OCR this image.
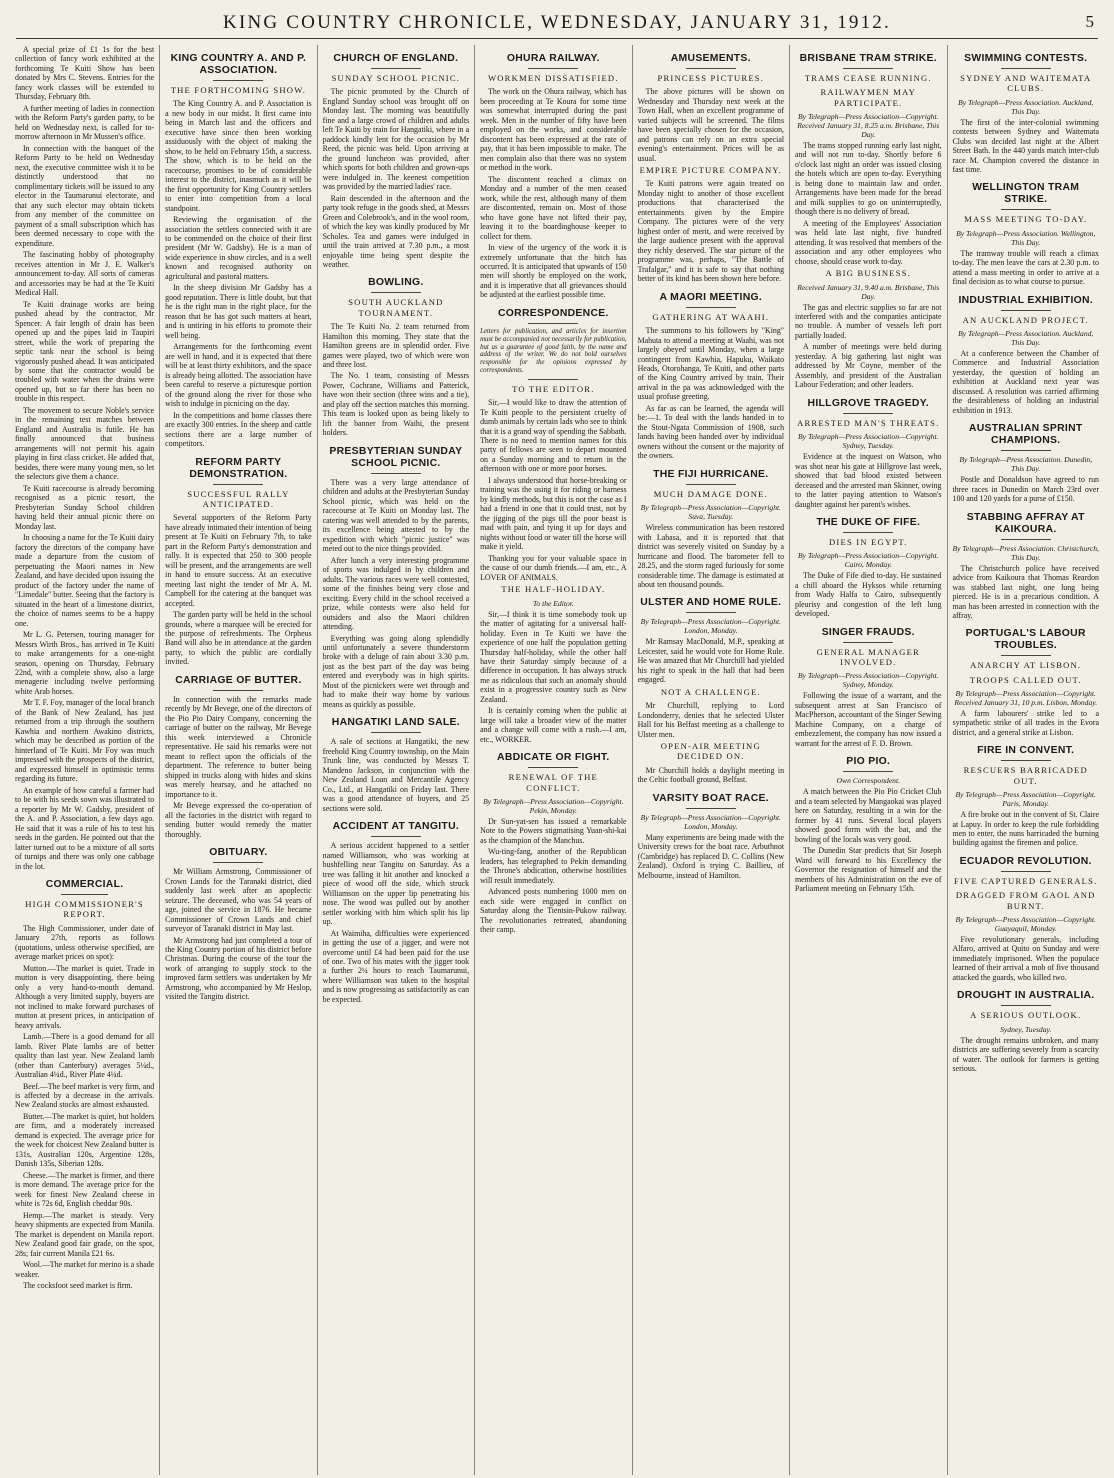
KING COUNTRY CHRONICLE, WEDNESDAY, JANUARY 31, 1912.	5

A special prize of £1 1s for the best collection of fancy work exhibited at the forthcoming Te Kuiti Show has been donated by Mrs C. Stevens. Entries for the fancy work classes will be extended to Thursday, February 8th.

A further meeting of ladies in connection with the Reform Party's garden party, to be held on Wednesday next, is called for to-morrow afternoon in Mr Mussen's office.

In connection with the banquet of the Reform Party to be held on Wednesday next, the executive committee wish it to be distinctly understood that no complimentary tickets will be issued to any elector in the Taumarunui electorate, and that any such elector may obtain tickets from any member of the committee on payment of a small subscription which has been deemed necessary to cope with the expenditure.

The fascinating hobby of photography receives attention in Mr J. E. Walker's announcement to-day. All sorts of cameras and accessories may be had at the Te Kuiti Medical Hall.

Te Kuiti drainage works are being pushed ahead by the contractor, Mr Spencer. A fair length of drain has been opened up and the pipes laid in Taupiri street, while the work of preparing the septic tank near the school is being vigorously pushed ahead. It was anticipated by some that the contractor would be troubled with water when the drains were opened up, but so far there has been no trouble in this respect.

The movement to secure Noble's service in the remaining test matches between England and Australia is futile. He has finally announced that business arrangements will not permit his again playing in first class cricket. He added that, besides, there were many young men, so let the selectors give them a chance.

Te Kuiti racecourse is already becoming recognised as a picnic resort, the Presbyterian Sunday School children having held their annual picnic there on Monday last.

In choosing a name for the Te Kuiti dairy factory the directors of the company have made a departure from the custom of perpetuating the Maori names in New Zealand, and have decided upon issuing the product of the factory under the name of "Limedale" butter. Seeing that the factory is situated in the heart of a limestone district, the choice of names seems to be a happy one.

Mr L. G. Petersen, touring manager for Messrs Wirth Bros., has arrived in Te Kuiti to make arrangements for a one-night season, opening on Thursday, February 22nd, with a complete show, also a large menagerie including twelve performing white Arab horses.

Mr T. F. Foy, manager of the local branch of the Bank of New Zealand, has just returned from a trip through the southern Kawhia and northern Awakino districts, which may be described as portion of the hinterland of Te Kuiti. Mr Foy was much impressed with the prospects of the district, and expressed himself in optimistic terms regarding its future.

An example of how careful a farmer had to be with his seeds sown was illustrated to a reporter by Mr W. Gadsby, president of the A. and P. Association, a few days ago. He said that it was a rule of his to test his seeds in the garden. He pointed out that the latter turned out to be a mixture of all sorts of turnips and there was only one cabbage in the lot.

COMMERCIAL.
HIGH COMMISSIONER'S REPORT.

The High Commissioner, under date of January 27th, reports as follows (quotations, unless otherwise specified, are average market prices on spot):

Mutton.—The market is quiet. Trade in mutton is very disappointing, there being only a very hand-to-mouth demand. Although a very limited supply, buyers are not inclined to make forward purchases of mutton at present prices, in anticipation of heavy arrivals.

Lamb.—There is a good demand for all lamb. River Plate lambs are of better quality than last year. New Zealand lamb (other than Canterbury) averages 5¼d., Australian 4¼d., River Plate 4¼d.

Beef.—The beef market is very firm, and is affected by a decrease in the arrivals. New Zealand stocks are almost exhausted.

Butter.—The market is quiet, but holders are firm, and a moderately increased demand is expected. The average price for the week for choicest New Zealand butter is 131s, Australian 120s, Argentine 128s, Danish 135s, Siberian 128s.

Cheese.—The market is firmer, and there is more demand. The average price for the week for finest New Zealand cheese in white is 72s 6d, English cheddar 90s.

Hemp.—The market is steady. Very heavy shipments are expected from Manila. The market is dependent on Manila report. New Zealand good fair grade, on the spot, 28s; fair current Manila £21 6s.

Wool.—The market for merino is a shade weaker.

The cocksfoot seed market is firm.

KING COUNTRY A. AND P. ASSOCIATION.
THE FORTHCOMING SHOW.

The King Country A. and P. Association is a new body in our midst. It first came into being in March last and the officers and executive have since then been working assiduously with the object of making the show, to be held on February 15th, a success. The show, which is to be held on the racecourse, promises to be of considerable interest to the district, inasmuch as it will be the first opportunity for King Country settlers to enter into competition from a local standpoint.

Reviewing the organisation of the association the settlers connected with it are to be commended on the choice of their first president (Mr W. Gadsby). He is a man of wide experience in show circles, and is a well known and recognised authority on agricultural and pastoral matters.

In the sheep division Mr Gadsby has a good reputation. There is little doubt, but that he is the right man in the right place, for the reason that he has got such matters at heart, and is untiring in his efforts to promote their well being.

Arrangements for the forthcoming event are well in hand, and it is expected that there will be at least thirty exhibitors, and the space is already being allotted. The association have been careful to reserve a picturesque portion of the ground along the river for those who wish to indulge in picnicing on the day.

In the competitions and home classes there are exactly 300 entries. In the sheep and cattle sections there are a large number of competitors.

REFORM PARTY DEMONSTRATION.
SUCCESSFUL RALLY ANTICIPATED.

Several supporters of the Reform Party have already intimated their intention of being present at Te Kuiti on February 7th, to take part in the Reform Party's demonstration and rally. It is expected that 250 to 300 people will be present, and the arrangements are well in hand to ensure success. At an executive meeting last night the tender of Mr A. M. Campbell for the catering at the banquet was accepted.

The garden party will be held in the school grounds, where a marquee will be erected for the purpose of refreshments. The Orpheus Band will also be in attendance at the garden party, to which the public are cordially invited.

CARRIAGE OF BUTTER.

In connection with the remarks made recently by Mr Bevege, one of the directors of the Pio Pio Dairy Company, concerning the carriage of butter on the railway, Mr Bevege this week interviewed a Chronicle representative. He said his remarks were not meant to reflect upon the officials of the department. The reference to butter being shipped in trucks along with hides and skins was merely hearsay, and he attached no importance to it.

Mr Bevege expressed the co-operation of all the factories in the district with regard to sending butter would remedy the matter thoroughly.

OBITUARY.

Mr William Armstrong, Commissioner of Crown Lands for the Taranaki district, died suddenly last week after an apoplectic seizure. The deceased, who was 54 years of age, joined the service in 1876. He became Commissioner of Crown Lands and chief surveyor of Taranaki district in May last.

Mr Armstrong had just completed a tour of the King Country portion of his district before Christmas. During the course of the tour the work of arranging to supply stock to the improved farm settlers was undertaken by Mr Armstrong, who accompanied by Mr Heslop, visited the Tangitu district.

CHURCH OF ENGLAND.
SUNDAY SCHOOL PICNIC.

The picnic promoted by the Church of England Sunday school was brought off on Monday last. The morning was beautifully fine and a large crowd of children and adults left Te Kuiti by train for Hangatiki, where in a paddock kindly lent for the occasion by Mr Reed, the picnic was held. Upon arriving at the ground luncheon was provided, after which sports for both children and grown-ups were indulged in. The keenest competition was provided by the married ladies' race.

Rain descended in the afternoon and the party took refuge in the goods shed, at Messrs Green and Colebrook's, and in the wool room, of which the key was kindly produced by Mr Scholes. Tea and games were indulged in until the train arrived at 7.30 p.m., a most enjoyable time being spent despite the weather.

BOWLING.
SOUTH AUCKLAND TOURNAMENT.

The Te Kuiti No. 2 team returned from Hamilton this morning. They state that the Hamilton greens are in splendid order. Five games were played, two of which were won and three lost.

The No. 1 team, consisting of Messrs Power, Cochrane, Williams and Patterick, have won their section (three wins and a tie), and play off the section matches this morning. This team is looked upon as being likely to lift the banner from Waihi, the present holders.

PRESBYTERIAN SUNDAY SCHOOL PICNIC.

There was a very large attendance of children and adults at the Presbyterian Sunday School picnic, which was held on the racecourse at Te Kuiti on Monday last. The catering was well attended to by the parents, its excellence being attested to by the expedition with which "picnic justice" was meted out to the nice things provided.

After lunch a very interesting programme of sports was indulged in by children and adults. The various races were well contested, some of the finishes being very close and exciting. Every child in the school received a prize, while contests were also held for outsiders and also the Maori children attending.

Everything was going along splendidly until unfortunately a severe thunderstorm broke with a deluge of rain about 3.30 p.m. just as the best part of the day was being entered and everybody was in high spirits. Most of the picnickers were wet through and had to make their way home by various means as quickly as possible.

HANGATIKI LAND SALE.

A sale of sections at Hangatiki, the new freehold King Country township, on the Main Trunk line, was conducted by Messrs T. Mandeno Jackson, in conjunction with the New Zealand Loan and Mercantile Agency Co., Ltd., at Hangatiki on Friday last. There was a good attendance of buyers, and 25 sections were sold.

ACCIDENT AT TANGITU.

A serious accident happened to a settler named Williamson, who was working at bushfelling near Tangitu on Saturday. As a tree was falling it hit another and knocked a piece of wood off the side, which struck Williamson on the upper lip penetrating his nose. The wood was pulled out by another settler working with him which split his lip up.

At Waimiha, difficulties were experienced in getting the use of a jigger, and were not overcome until £4 had been paid for the use of one. Two of his mates with the jigger took a further 2¼ hours to reach Taumarunui, where Williamson was taken to the hospital and is now progressing as satisfactorily as can be expected.

OHURA RAILWAY.
WORKMEN DISSATISFIED.

The work on the Ohura railway, which has been proceeding at Te Koura for some time was somewhat interrupted during the past week. Men in the number of fifty have been employed on the works, and considerable discontent has been expressed at the rate of pay, that it has been impossible to make. The men complain also that there was no system or method in the work.

The discontent reached a climax on Monday and a number of the men ceased work, while the rest, although many of them are discontented, remain on. Most of those who have gone have not lifted their pay, leaving it to the boardinghouse keeper to collect for them.

In view of the urgency of the work it is extremely unfortunate that the hitch has occurred. It is anticipated that upwards of 150 men will shortly be employed on the work, and it is imperative that all grievances should be adjusted at the earliest possible time.

CORRESPONDENCE.

Letters for publication, and articles for insertion must be accompanied not necessarily for publication, but as a guarantee of good faith, by the name and address of the writer. We do not hold ourselves responsible for the opinions expressed by correspondents.

TO THE EDITOR.

Sir,—I would like to draw the attention of Te Kuiti people to the persistent cruelty of dumb animals by certain lads who see to think that it is a grand way of spending the Sabbath. There is no need to mention names for this party of fellows are seen to depart mounted on a Sunday morning and to return in the afternoon with one or more poor horses.

I always understood that horse-breaking or training was the using it for riding or harness by kindly methods, but this is not the case as I had a friend in one that it could trust, not by the jigging of the pigs till the poor beast is mad with pain, and tying it up for days and nights without food or water till the horse will make it yield.

Thanking you for your valuable space in the cause of our dumb friends.—I am, etc., A LOVER OF ANIMALS.

THE HALF-HOLIDAY.
To the Editor.

Sir,—I think it is time somebody took up the matter of agitating for a universal half-holiday. Even in Te Kuiti we have the experience of one half the population getting Thursday half-holiday, while the other half have their Saturday simply because of a difference in occupation. It has always struck me as ridiculous that such an anomaly should exist in a progressive country such as New Zealand.

It is certainly coming when the public at large will take a broader view of the matter and a change will come with a rush.—I am, etc., WORKER.

ABDICATE OR FIGHT.
RENEWAL OF THE CONFLICT.
By Telegraph—Press Association—Copyright. Pekin, Monday.

Dr Sun-yat-sen has issued a remarkable Note to the Powers stigmatising Yuan-shi-kai as the champion of the Manchus.

Wu-ting-fang, another of the Republican leaders, has telegraphed to Pekin demanding the Throne's abdication, otherwise hostilities will result immediately.

Advanced posts numbering 1000 men on each side were engaged in conflict on Saturday along the Tientsin-Pukow railway. The revolutionaries retreated, abandoning their camp.

AMUSEMENTS.
PRINCESS PICTURES.

The above pictures will be shown on Wednesday and Thursday next week at the Town Hall, when an excellent programme of varied subjects will be screened. The films have been specially chosen for the occasion, and patrons can rely on an extra special evening's entertainment. Prices will be as usual.

EMPIRE PICTURE COMPANY.

Te Kuiti patrons were again treated on Monday night to another of those excellent productions that characterised the entertainments given by the Empire Company. The pictures were of the very highest order of merit, and were received by the large audience present with the approval they richly deserved. The star picture of the programme was, perhaps, "The Battle of Trafalgar," and it is safe to say that nothing better of its kind has been shown here before.

A MAORI MEETING.
GATHERING AT WAAHI.

The summons to his followers by "King" Mahuta to attend a meeting at Waahi, was not largely obeyed until Monday, when a large contingent from Kawhia, Hapuku, Waikato Heads, Otorohanga, Te Kuiti, and other parts of the King Country arrived by train. Their arrival in the pa was acknowledged with the usual profuse greeting.

As far as can be learned, the agenda will be:—1. To deal with the lands handed in to the Stout-Ngata Commission of 1908, such lands having been handed over by individual owners without the consent or the majority of the owners.

THE FIJI HURRICANE.
MUCH DAMAGE DONE.
By Telegraph—Press Association—Copyright. Suva, Tuesday.

Wireless communication has been restored with Labasa, and it is reported that that district was severely visited on Sunday by a hurricane and flood. The barometer fell to 28.25, and the storm raged furiously for some considerable time. The damage is estimated at about ten thousand pounds.

ULSTER AND HOME RULE.
By Telegraph—Press Association—Copyright. London, Monday.

Mr Ramsay MacDonald, M.P., speaking at Leicester, said he would vote for Home Rule. He was amazed that Mr Churchill had yielded his right to speak in the hall that had been engaged.

NOT A CHALLENGE.

Mr Churchill, replying to Lord Londonderry, denies that he selected Ulster Hall for his Belfast meeting as a challenge to Ulster men.

OPEN-AIR MEETING DECIDED ON.

Mr Churchill holds a daylight meeting in the Celtic football ground, Belfast.

VARSITY BOAT RACE.
By Telegraph—Press Association—Copyright. London, Monday.

Many experiments are being made with the University crews for the boat race. Arbuthnot (Cambridge) has replaced D. C. Collins (New Zealand). Oxford is trying C. Baillieu, of Melbourne, instead of Hamilton.

BRISBANE TRAM STRIKE.
TRAMS CEASE RUNNING.
RAILWAYMEN MAY PARTICIPATE.
By Telegraph—Press Association—Copyright. Received January 31, 8.25 a.m. Brisbane, This Day.

The trams stopped running early last night, and will not run to-day. Shortly before 6 o'clock last night an order was issued closing the hotels which are open to-day. Everything is being done to maintain law and order. Arrangements have been made for the bread and milk supplies to go on uninterruptedly, though there is no delivery of bread.

A meeting of the Employees' Association was held late last night, five hundred attending. It was resolved that members of the association and any other employees who choose, should cease work to-day.

A BIG BUSINESS.
Received January 31, 9.40 a.m. Brisbane, This Day.

The gas and electric supplies so far are not interfered with and the companies anticipate no trouble. A number of vessels left port partially loaded.

A number of meetings were held during yesterday. A big gathering last night was addressed by Mr Coyne, member of the Assembly, and president of the Australian Labour Federation; and other leaders.

HILLGROVE TRAGEDY.
ARRESTED MAN'S THREATS.
By Telegraph—Press Association—Copyright. Sydney, Tuesday.

Evidence at the inquest on Watson, who was shot near his gate at Hillgrove last week, showed that bad blood existed between deceased and the arrested man Skinner, owing to the latter paying attention to Watson's daughter against her parent's wishes.

THE DUKE OF FIFE.
DIES IN EGYPT.
By Telegraph—Press Association—Copyright. Cairo, Monday.

The Duke of Fife died to-day. He sustained a chill aboard the Hyksos while returning from Wady Halfa to Cairo, subsequently pleurisy and congestion of the left lung developed.

SINGER FRAUDS.
GENERAL MANAGER INVOLVED.
By Telegraph—Press Association—Copyright. Sydney, Monday.

Following the issue of a warrant, and the subsequent arrest at San Francisco of MacPherson, accountant of the Singer Sewing Machine Company, on a charge of embezzlement, the company has now issued a warrant for the arrest of F. D. Brown.

PIO PIO.
Own Correspondent.

A match between the Pio Pio Cricket Club and a team selected by Mangaokai was played here on Saturday, resulting in a win for the former by 41 runs. Several local players showed good form with the bat, and the bowling of the locals was very good.

The Dunedin Star predicts that Sir Joseph Ward will forward to his Excellency the Governor the resignation of himself and the members of his Administration on the eve of Parliament meeting on February 15th.

SWIMMING CONTESTS.
SYDNEY AND WAITEMATA CLUBS.
By Telegraph—Press Association. Auckland, This Day.

The first of the inter-colonial swimming contests between Sydney and Waitemata Clubs was decided last night at the Albert Street Bath. In the 440 yards match inter-club race M. Champion covered the distance in fast time.

WELLINGTON TRAM STRIKE.
MASS MEETING TO-DAY.
By Telegraph—Press Association. Wellington, This Day.

The tramway trouble will reach a climax to-day. The men leave the cars at 2.30 p.m. to attend a mass meeting in order to arrive at a final decision as to what course to pursue.

INDUSTRIAL EXHIBITION.
AN AUCKLAND PROJECT.
By Telegraph—Press Association. Auckland, This Day.

At a conference between the Chamber of Commerce and Industrial Association yesterday, the question of holding an exhibition at Auckland next year was discussed. A resolution was carried affirming the desirableness of holding an industrial exhibition in 1913.

AUSTRALIAN SPRINT CHAMPIONS.
By Telegraph—Press Association. Dunedin, This Day.

Postle and Donaldson have agreed to run three races in Dunedin on March 23rd over 100 and 120 yards for a purse of £150.

STABBING AFFRAY AT KAIKOURA.
By Telegraph—Press Association. Christchurch, This Day.

The Christchurch police have received advice from Kaikoura that Thomas Reardon was stabbed last night, one lung being pierced. He is in a precarious condition. A man has been arrested in connection with the affray.

PORTUGAL'S LABOUR TROUBLES.
ANARCHY AT LISBON.
TROOPS CALLED OUT.
By Telegraph—Press Association—Copyright. Received January 31, 10 p.m. Lisbon, Monday.

A farm labourers' strike led to a sympathetic strike of all trades in the Evora district, and a general strike at Lisbon.

FIRE IN CONVENT.
RESCUERS BARRICADED OUT.
By Telegraph—Press Association—Copyright. Paris, Monday.

A fire broke out in the convent of St. Claire at Lapuy. In order to keep the rule forbidding men to enter, the nuns barricaded the burning building against the firemen and police.

ECUADOR REVOLUTION.
FIVE CAPTURED GENERALS.
DRAGGED FROM GAOL AND BURNT.
By Telegraph—Press Association—Copyright. Guayaquil, Monday.

Five revolutionary generals, including Alfaro, arrived at Quito on Sunday and were immediately imprisoned. When the populace learned of their arrival a mob of five thousand attacked the guards, who killed two.

DROUGHT IN AUSTRALIA.
A SERIOUS OUTLOOK.
Sydney, Tuesday.

The drought remains unbroken, and many districts are suffering severely from a scarcity of water. The outlook for farmers is getting serious.
